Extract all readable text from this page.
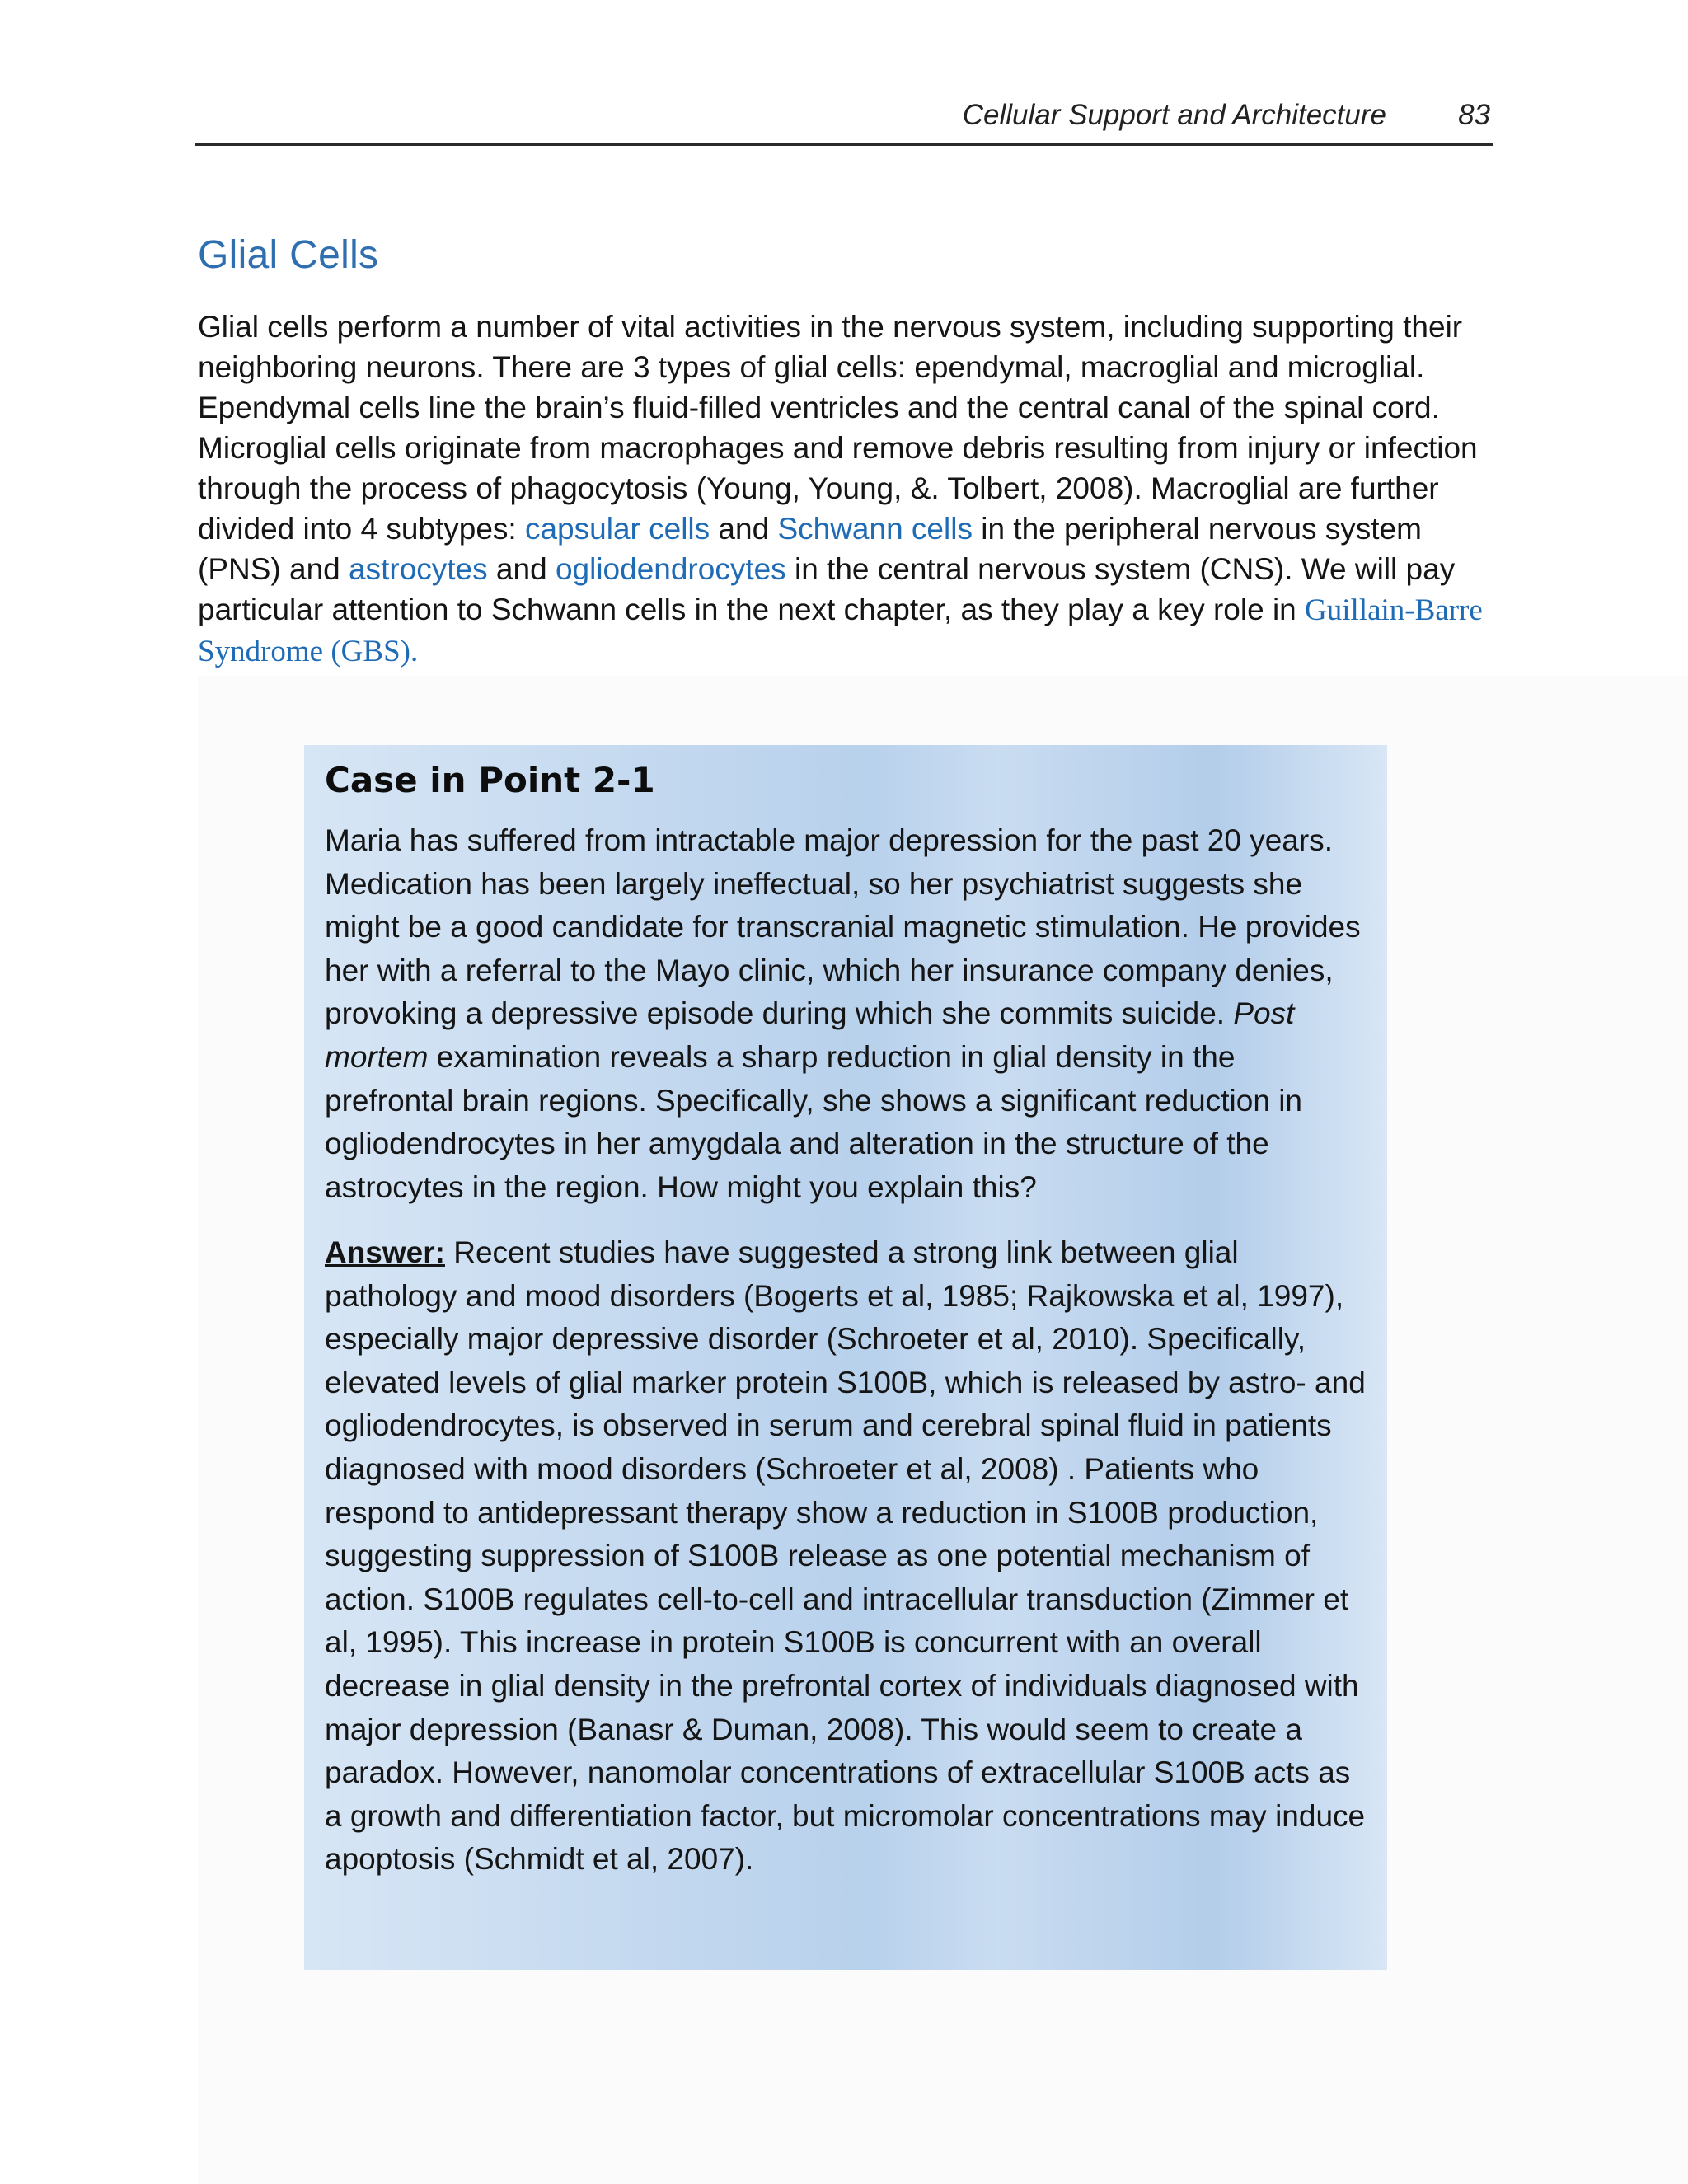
Cellular Support and Architecture 83
Glial Cells

Glial cells perform a number of vital activities in the nervous system, including supporting their neighboring neurons. There are 3 types of glial cells: ependymal, macroglial and microglial. Ependymal cells line the brain’s fluid-filled ventricles and the central canal of the spinal cord. Microglial cells originate from macrophages and remove debris resulting from injury or infection through the process of phagocytosis (Young, Young, &. Tolbert, 2008). Macroglial are further divided into 4 subtypes: capsular cells and Schwann cells in the peripheral nervous system (PNS) and astrocytes and ogliodendrocytes in the central nervous system (CNS). We will pay particular attention to Schwann cells in the next chapter, as they play a key role in Guillain-Barre Syndrome (GBS).

Case in Point 2-1

Maria has suffered from intractable major depression for the past 20 years. Medication has been largely ineffectual, so her psychiatrist suggests she might be a good candidate for transcranial magnetic stimulation. He provides her with a referral to the Mayo clinic, which her insurance company denies, provoking a depressive episode during which she commits suicide. Post mortem examination reveals a sharp reduction in glial density in the prefrontal brain regions. Specifically, she shows a significant reduction in ogliodendrocytes in her amygdala and alteration in the structure of the astrocytes in the region. How might you explain this?

Answer: Recent studies have suggested a strong link between glial pathology and mood disorders (Bogerts et al, 1985; Rajkowska et al, 1997), especially major depressive disorder (Schroeter et al, 2010). Specifically, elevated levels of glial marker protein S100B, which is released by astro- and ogliodendrocytes, is observed in serum and cerebral spinal fluid in patients diagnosed with mood disorders (Schroeter et al, 2008) . Patients who respond to antidepressant therapy show a reduction in S100B production, suggesting suppression of S100B release as one potential mechanism of action. S100B regulates cell-to-cell and intracellular transduction (Zimmer et al, 1995). This increase in protein S100B is concurrent with an overall decrease in glial density in the prefrontal cortex of individuals diagnosed with major depression (Banasr & Duman, 2008). This would seem to create a paradox. However, nanomolar concentrations of extracellular S100B acts as a growth and differentiation factor, but micromolar concentrations may induce apoptosis (Schmidt et al, 2007).
